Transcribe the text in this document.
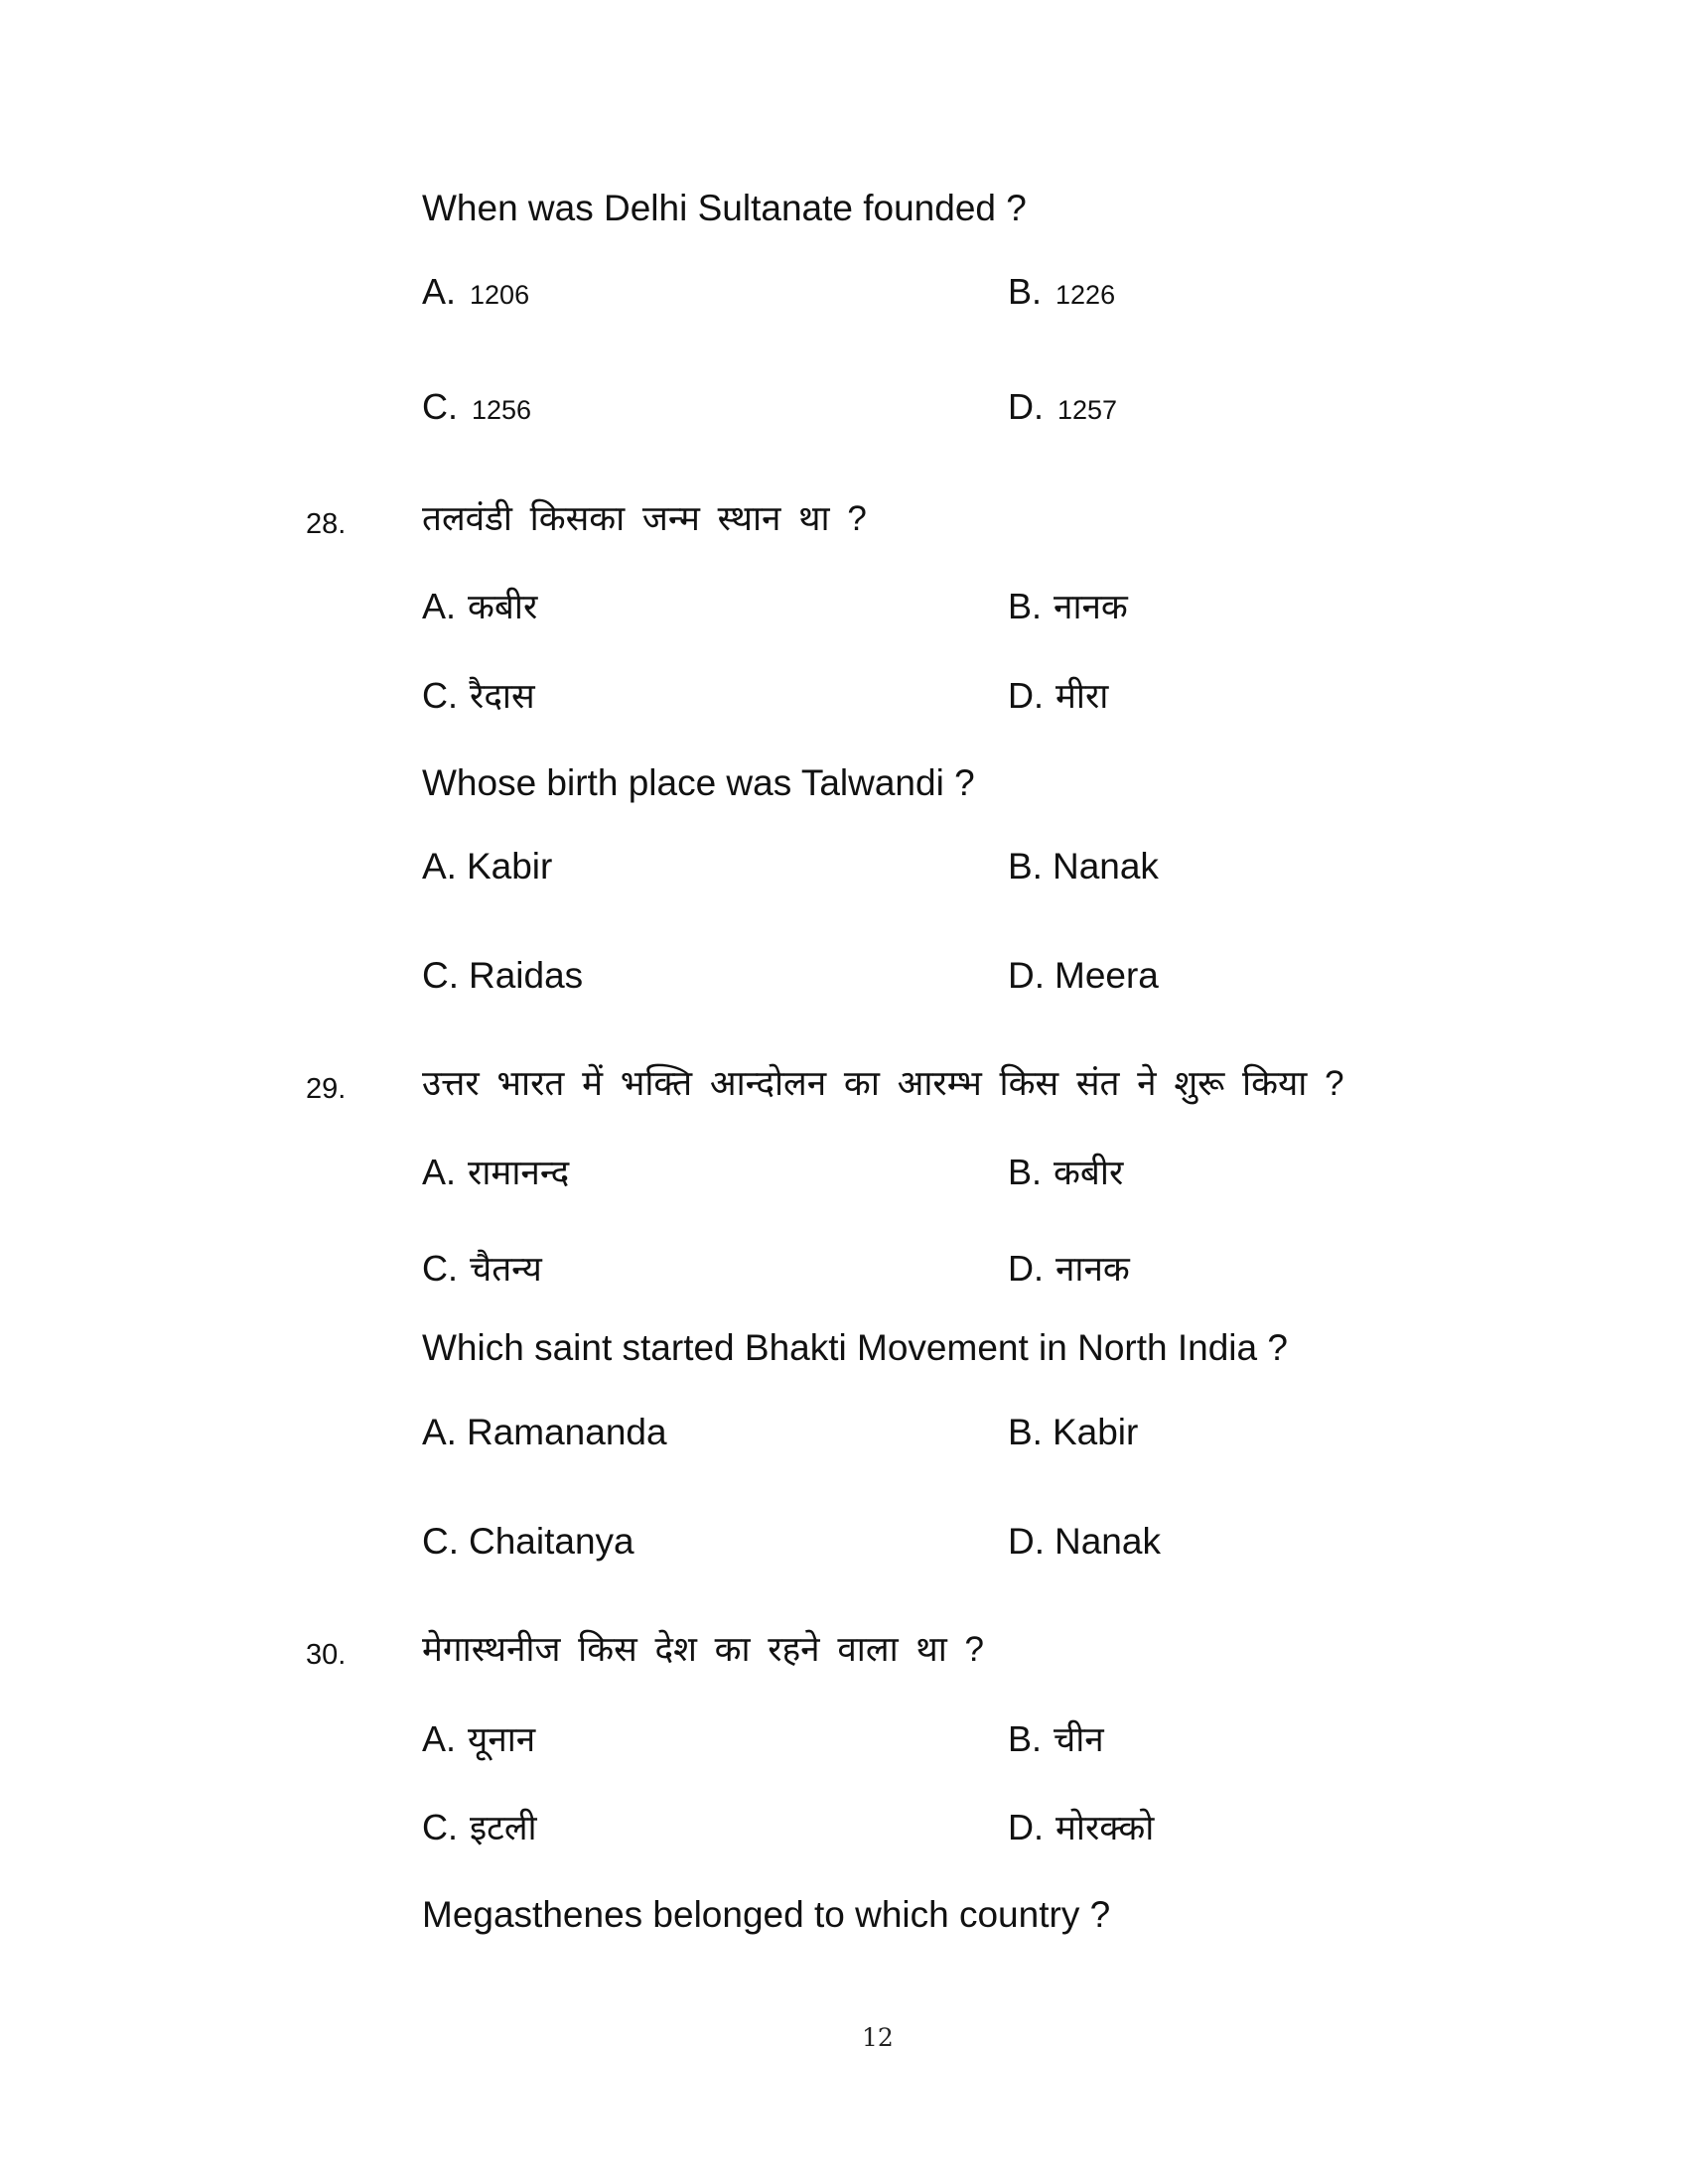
When was Delhi Sultanate founded ?
A. 1206	B. 1226
C. 1256	D. 1257
28. तलवंडी किसका जन्म स्थान था ?
A. कबीर	B. नानक
C. रैदास	D. मीरा
Whose birth place was Talwandi ?
A. Kabir	B. Nanak
C. Raidas	D. Meera
29. उत्तर भारत में भक्ति आन्दोलन का आरम्भ किस संत ने शुरू किया ?
A. रामानन्द	B. कबीर
C. चैतन्य	D. नानक
Which saint started Bhakti Movement in North India ?
A. Ramananda	B. Kabir
C. Chaitanya	D. Nanak
30. मेगास्थनीज किस देश का रहने वाला था ?
A. यूनान	B. चीन
C. इटली	D. मोरक्को
Megasthenes belonged to which country ?
12
